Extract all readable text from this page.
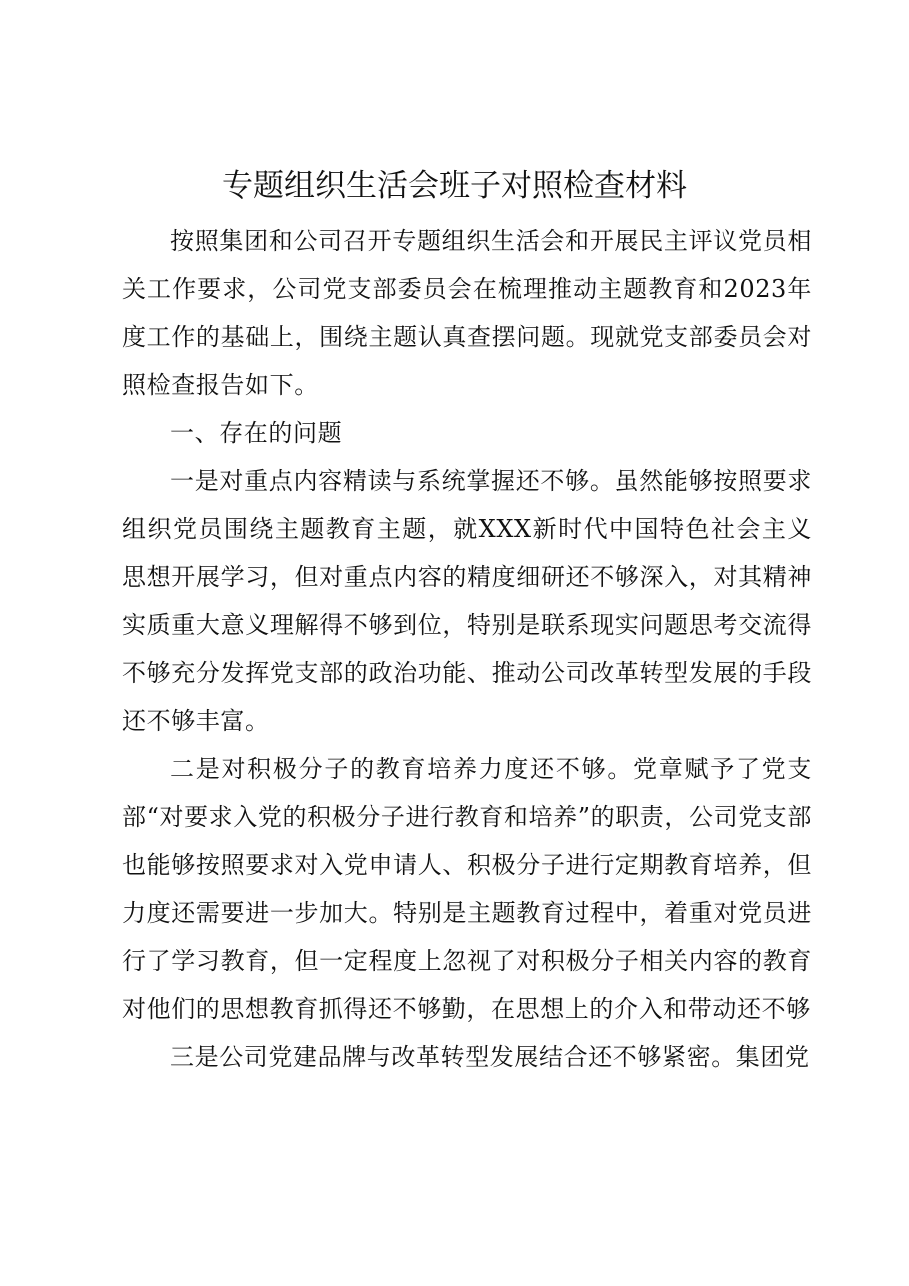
专题组织生活会班子对照检查材料

按照集团和公司召开专题组织生活会和开展民主评议党员相关工作要求，公司党支部委员会在梳理推动主题教育和2023年度工作的基础上，围绕主题认真查摆问题。现就党支部委员会对照检查报告如下。

一、存在的问题

一是对重点内容精读与系统掌握还不够。虽然能够按照要求组织党员围绕主题教育主题，就XXX新时代中国特色社会主义思想开展学习，但对重点内容的精度细研还不够深入，对其精神实质重大意义理解得不够到位，特别是联系现实问题思考交流得不够充分发挥党支部的政治功能、推动公司改革转型发展的手段还不够丰富。

二是对积极分子的教育培养力度还不够。党章赋予了党支部“对要求入党的积极分子进行教育和培养”的职责，公司党支部也能够按照要求对入党申请人、积极分子进行定期教育培养，但力度还需要进一步加大。特别是主题教育过程中，着重对党员进行了学习教育，但一定程度上忽视了对积极分子相关内容的教育对他们的思想教育抓得还不够勤，在思想上的介入和带动还不够

三是公司党建品牌与改革转型发展结合还不够紧密。集团党
